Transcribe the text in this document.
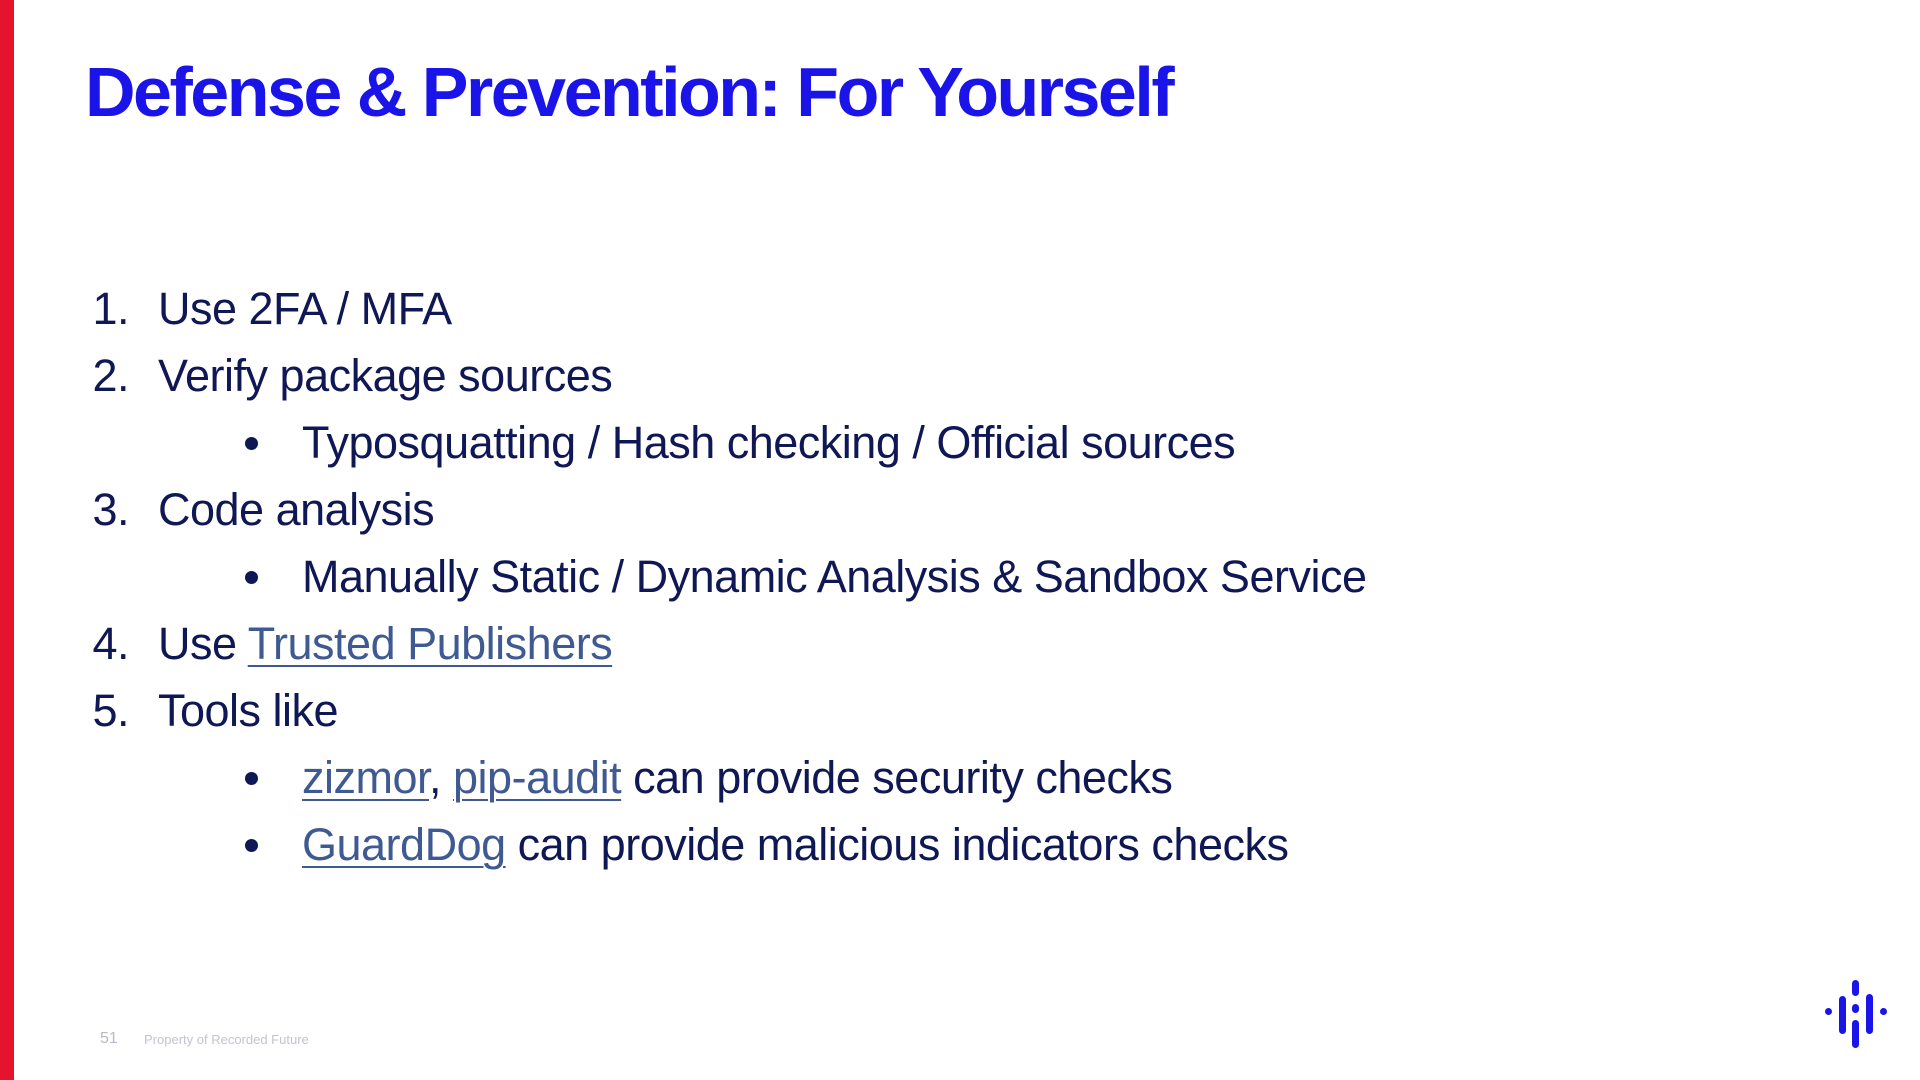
Defense & Prevention: For Yourself
1. Use 2FA / MFA
2. Verify package sources
Typosquatting / Hash checking / Official sources
3. Code analysis
Manually Static / Dynamic Analysis & Sandbox Service
4. Use Trusted Publishers
5. Tools like
zizmor, pip-audit can provide security checks
GuardDog can provide malicious indicators checks
51 Property of Recorded Future
